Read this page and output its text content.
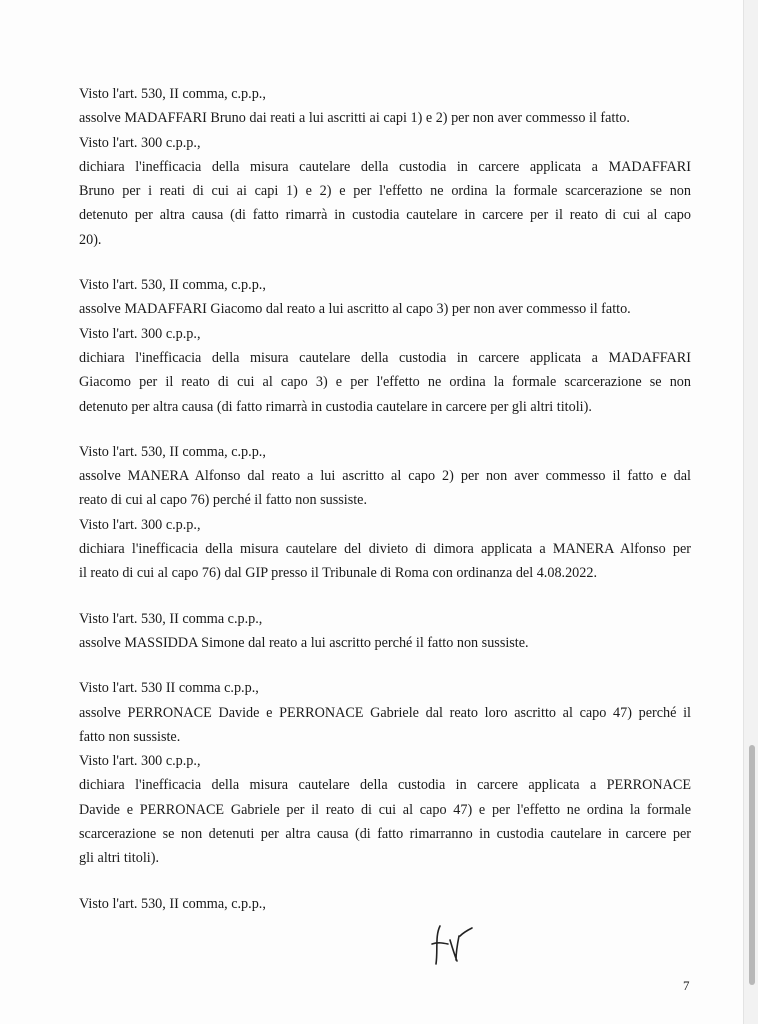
Visto l'art. 530, II comma, c.p.p.,
assolve MADAFFARI Bruno dai reati a lui ascritti ai capi 1) e 2) per non aver commesso il fatto.
Visto l'art. 300 c.p.p.,
dichiara l'inefficacia della misura cautelare della custodia in carcere applicata a MADAFFARI
Bruno per i reati di cui ai capi 1) e 2) e per l'effetto ne ordina la formale scarcerazione se non
detenuto per altra causa (di fatto rimarrà in custodia cautelare in carcere per il reato di cui al capo
20).
Visto l'art. 530, II comma, c.p.p.,
assolve MADAFFARI Giacomo dal reato a lui ascritto al capo 3) per non aver commesso il fatto.
Visto l'art. 300 c.p.p.,
dichiara l'inefficacia della misura cautelare della custodia in carcere applicata a MADAFFARI
Giacomo per il reato di cui al capo 3) e per l'effetto ne ordina la formale scarcerazione se non
detenuto per altra causa (di fatto rimarrà in custodia cautelare in carcere per gli altri titoli).
Visto l'art. 530, II comma, c.p.p.,
assolve MANERA Alfonso dal reato a lui ascritto al capo 2) per non aver commesso il fatto e dal
reato di cui al capo 76) perché il fatto non sussiste.
Visto l'art. 300 c.p.p.,
dichiara l'inefficacia della misura cautelare del divieto di dimora applicata a MANERA Alfonso per
il reato di cui al capo 76) dal GIP presso il Tribunale di Roma con ordinanza del 4.08.2022.
Visto l'art. 530, II comma c.p.p.,
assolve MASSIDDA Simone dal reato a lui ascritto perché il fatto non sussiste.
Visto l'art. 530 II comma c.p.p.,
assolve PERRONACE Davide e PERRONACE Gabriele dal reato loro ascritto al capo 47) perché il
fatto non sussiste.
Visto l'art. 300 c.p.p.,
dichiara l'inefficacia della misura cautelare della custodia in carcere applicata a PERRONACE
Davide e PERRONACE Gabriele per il reato di cui al capo 47) e per l'effetto ne ordina la formale
scarcerazione se non detenuti per altra causa (di fatto rimarranno in custodia cautelare in carcere per
gli altri titoli).
Visto l'art. 530, II comma, c.p.p.,
7
